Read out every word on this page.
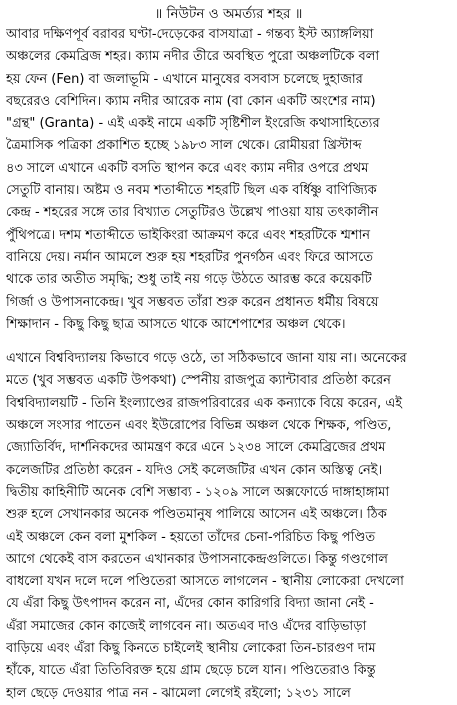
॥ নিউটন ও অমর্ত্যর শহর ॥
আবার দক্ষিণপূর্ব বরাবর ঘণ্টা-দেড়েকের বাসযাত্রা - গন্তব্য ইস্ট অ্যাঙ্গলিয়া
অঞ্চলের কেমব্রিজ শহর। ক্যাম নদীর তীরে অবস্থিত পুরো অঞ্চলটিকে বলা
হয় ফেন (Fen) বা জলাভূমি - এখানে মানুষের বসবাস চলেছে দুহাজার
বছরেরও বেশিদিন। ক্যাম নদীর আরেক নাম (বা কোন একটি অংশের নাম)
"গ্রন্থ" (Granta) - এই একই নামে একটি সৃষ্টিশীল ইংরেজি কথাসাহিত্যের
ত্রৈমাসিক পত্রিকা প্রকাশিত হচ্ছে ১৯৮৩ সাল থেকে। রোমীয়রা খ্রিস্টাব্দ
৪৩ সালে এখানে একটি বসতি স্থাপন করে এবং ক্যাম নদীর ওপরে প্রথম
সেতুটি বানায়। অষ্টম ও নবম শতাব্দীতে শহরটি ছিল এক বর্ধিষ্ণু বাণিজ্যিক
কেন্দ্র - শহরের সঙ্গে তার বিখ্যাত সেতুটিরও উল্লেখ পাওয়া যায় তৎকালীন
পুঁথিপত্রে। দশম শতাব্দীতে ভাইকিংরা আক্রমণ করে এবং শহরটিকে শ্মশান
বানিয়ে দেয়। নর্মান আমলে শুরু হয় শহরটির পুনর্গঠন এবং ফিরে আসতে
থাকে তার অতীত সমৃদ্ধি; শুধু তাই নয় গড়ে উঠতে আরম্ভ করে কয়েকটি
গির্জা ও উপাসনাকেন্দ্র। খুব সম্ভবত তাঁরা শুরু করেন প্রধানত ধর্মীয় বিষয়ে
শিক্ষাদান - কিছু কিছু ছাত্র আসতে থাকে আশেপাশের অঞ্চল থেকে।
এখানে বিশ্ববিদ্যালয় কিভাবে গড়ে ওঠে, তা সঠিকভাবে জানা যায় না। অনেকের
মতে (খুব সম্ভবত একটি উপকথা) স্পেনীয় রাজপুত্র ক্যান্টাবার প্রতিষ্ঠা করেন
বিশ্ববিদ্যালয়টি - তিনি ইংল্যাণ্ডের রাজপরিবারের এক কন্যাকে বিয়ে করেন, এই
অঞ্চলে সংসার পাতেন এবং ইউরোপের বিভিন্ন অঞ্চল থেকে শিক্ষক, পণ্ডিত,
জ্যোতির্বিদ, দার্শনিকদের আমন্ত্রণ করে এনে ১২৩৪ সালে কেমব্রিজের প্রথম
কলেজটির প্রতিষ্ঠা করেন - যদিও সেই কলেজটির এখন কোন অস্তিত্ব নেই।
দ্বিতীয় কাহিনীটি অনেক বেশি সম্ভাব্য - ১২০৯ সালে অক্সফোর্ডে দাঙ্গাহাঙ্গামা
শুরু হলে সেখানকার অনেক পণ্ডিতমানুষ পালিয়ে আসেন এই অঞ্চলে। ঠিক
এই অঞ্চলে কেন বলা মুশকিল - হয়তো তাঁদের চেনা-পরিচিত কিছু পণ্ডিত
আগে থেকেই বাস করতেন এখানকার উপাসনাকেন্দ্রগুলিতে। কিন্তু গণ্ডগোল
বাধলো যখন দলে দলে পণ্ডিতেরা আসতে লাগলেন - স্থানীয় লোকেরা দেখলো
যে এঁরা কিছু উৎপাদন করেন না, এঁদের কোন কারিগরি বিদ্যা জানা নেই -
এঁরা সমাজের কোন কাজেই লাগবেন না। অতএব দাও এঁদের বাড়িভাড়া
বাড়িয়ে এবং এঁরা কিছু কিনতে চাইলেই স্থানীয় লোকেরা তিন-চারগুণ দাম
হাঁকে, যাতে এঁরা তিতিবিরক্ত হয়ে গ্রাম ছেড়ে চলে যান। পণ্ডিতেরাও কিন্তু
হাল ছেড়ে দেওয়ার পাত্র নন - ঝামেলা লেগেই রইলো; ১২৩১ সালে
